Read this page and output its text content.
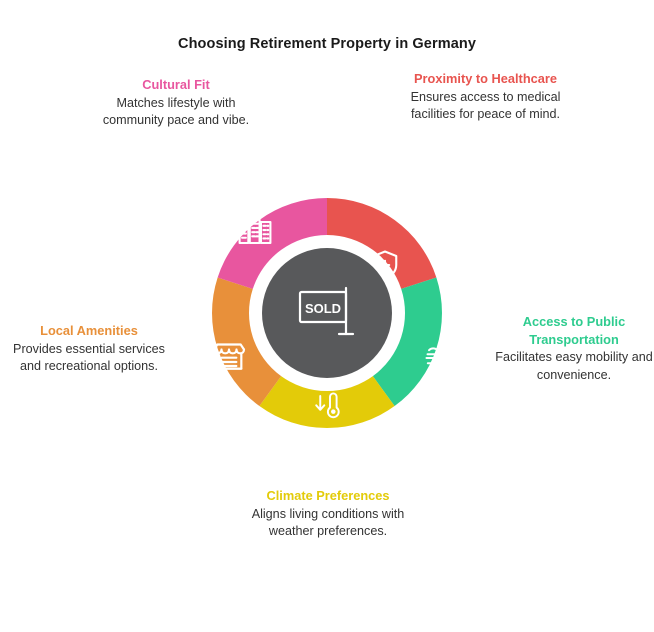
Choosing Retirement Property in Germany
SOLD
Proximity to Healthcare
Ensures access to medical facilities for peace of mind.
Access to Public Transportation
Facilitates easy mobility and convenience.
Climate Preferences
Aligns living conditions with weather preferences.
Local Amenities
Provides essential services and recreational options.
Cultural Fit
Matches lifestyle with community pace and vibe.
